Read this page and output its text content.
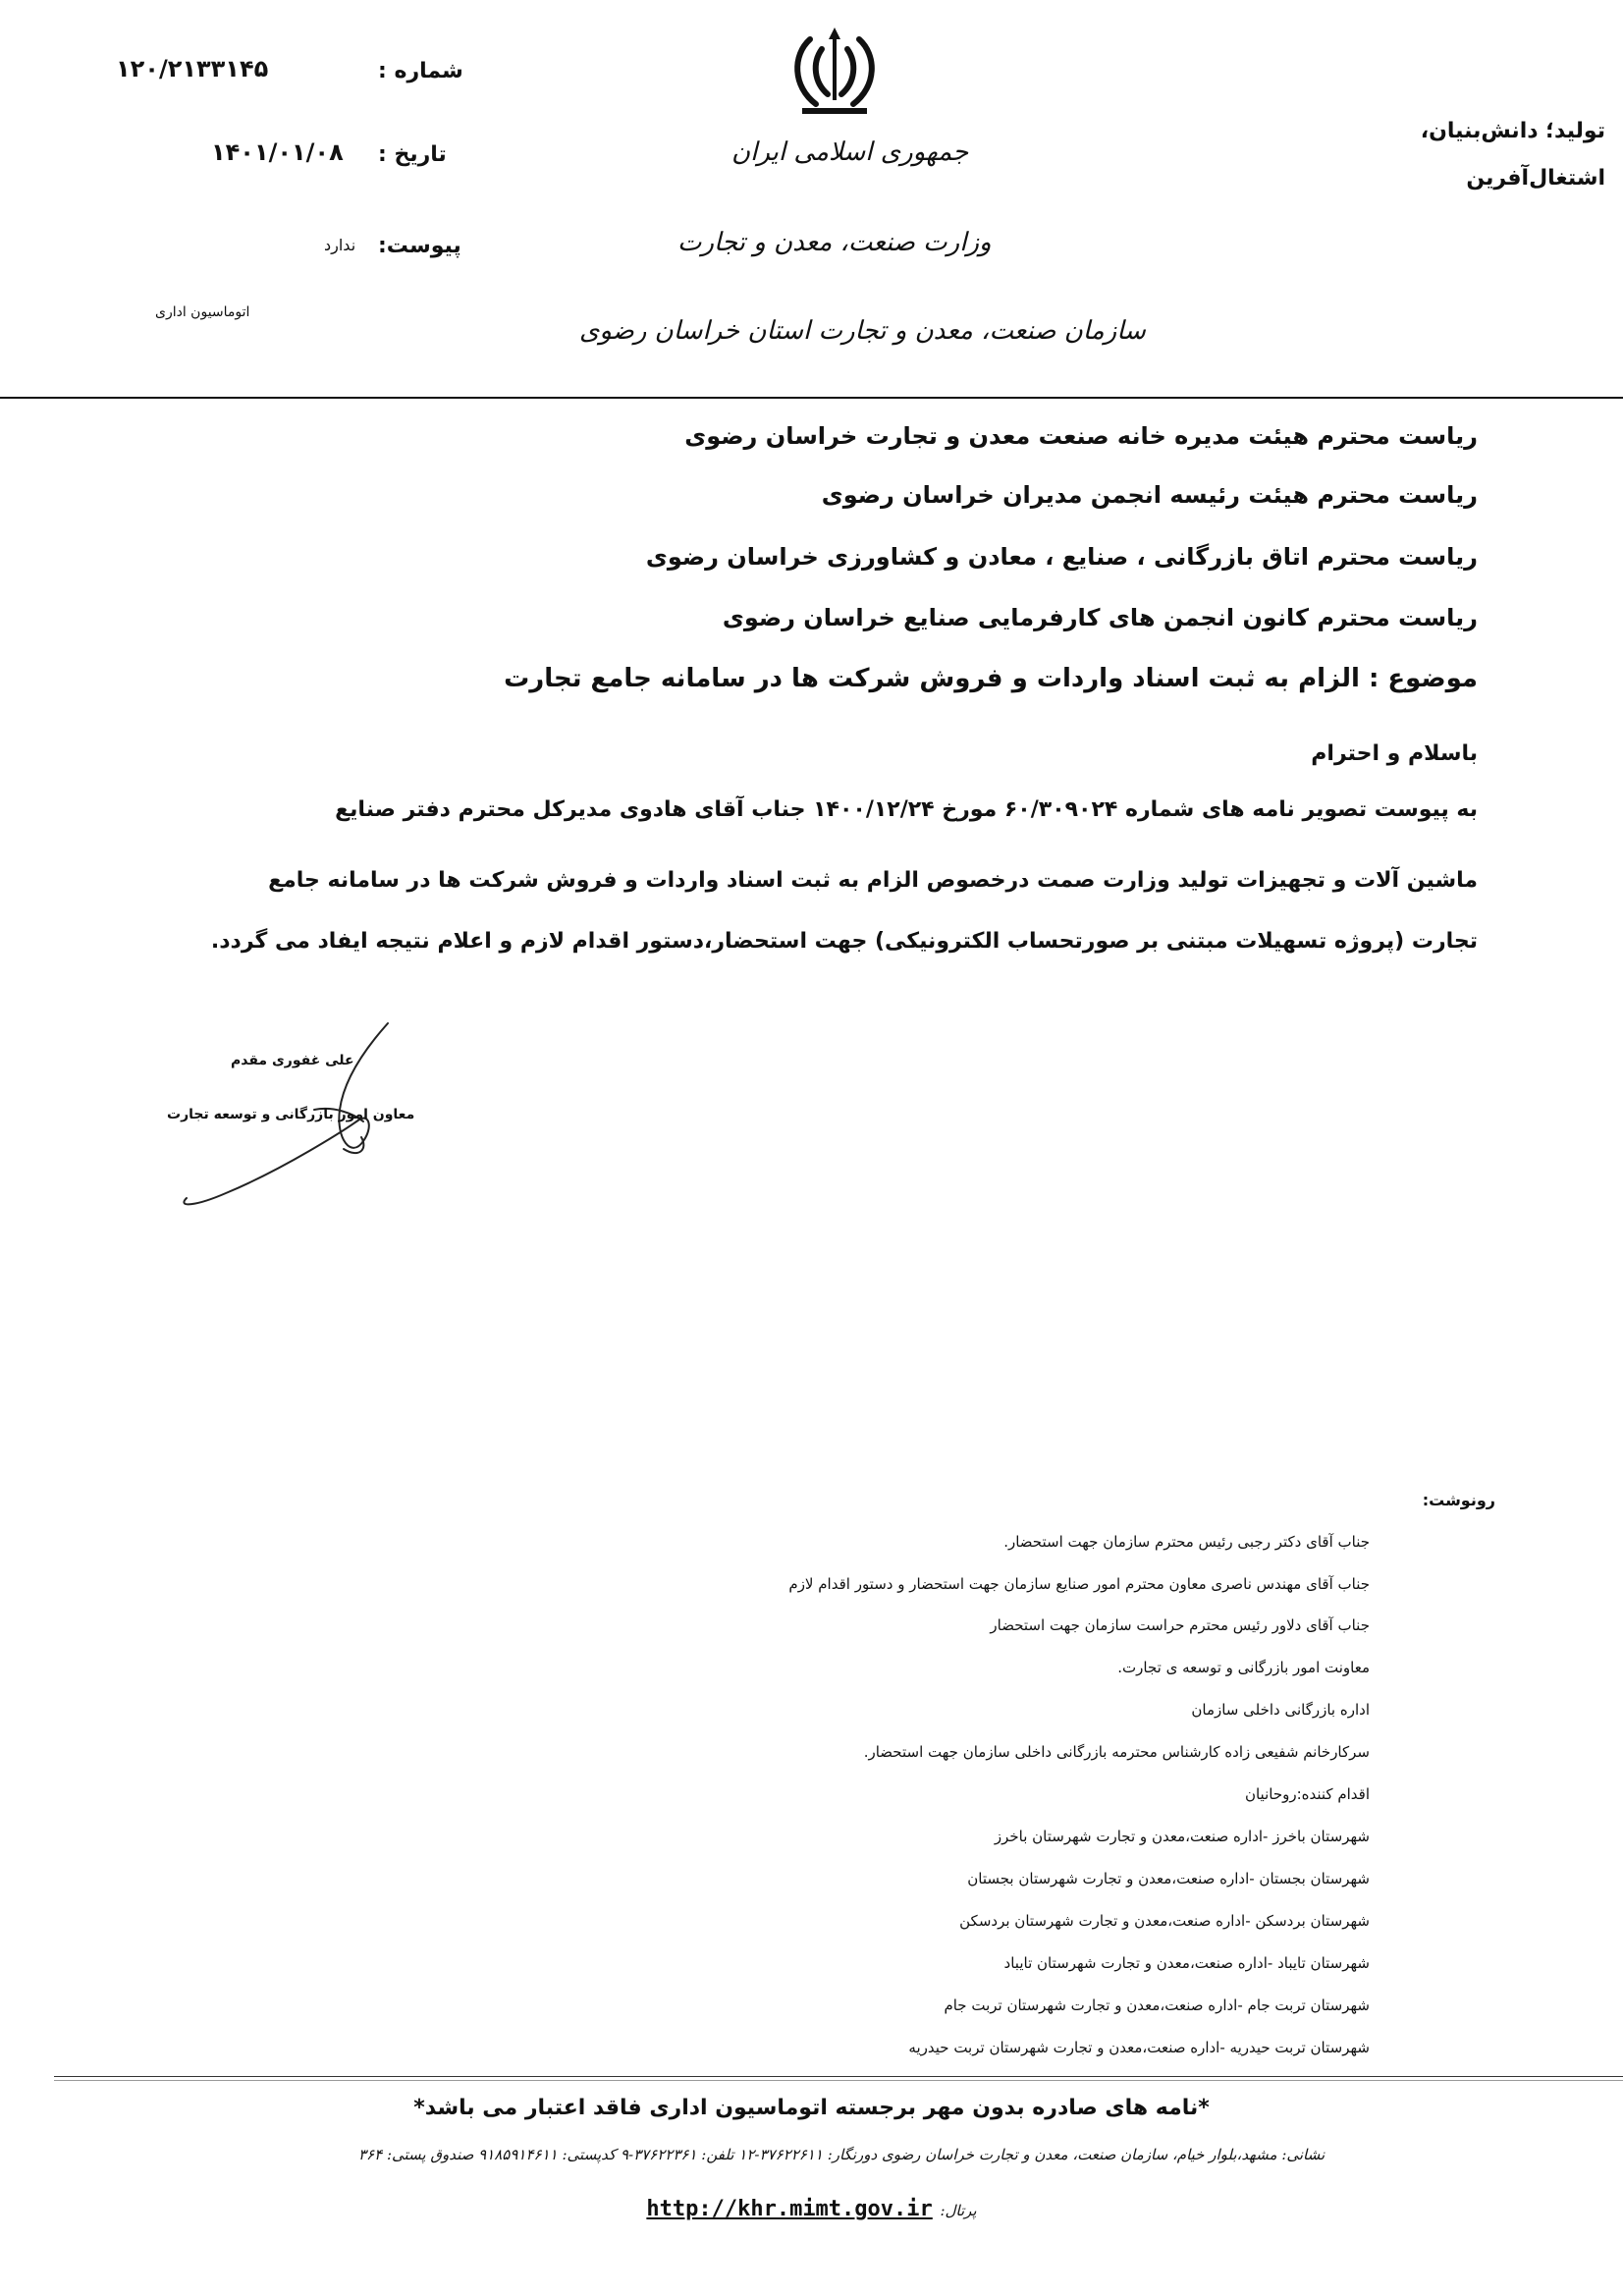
جمهوری اسلامی ایران
وزارت صنعت، معدن و تجارت
سازمان صنعت، معدن و تجارت استان خراسان رضوی
تولید؛ دانش‌بنیان،
اشتغال‌آفرین
شماره :
۱۲۰/۲۱۳۳۱۴۵
تاریخ :
۱۴۰۱/۰۱/۰۸
پیوست:
ندارد
اتوماسیون اداری
ریاست محترم هیئت مدیره خانه صنعت معدن و تجارت خراسان رضوی
ریاست محترم هیئت رئیسه انجمن مدیران خراسان رضوی
ریاست محترم اتاق بازرگانی ، صنایع ، معادن و کشاورزی خراسان رضوی
ریاست محترم کانون انجمن های کارفرمایی صنایع خراسان رضوی
موضوع : الزام به ثبت اسناد واردات و فروش شرکت ها در سامانه جامع تجارت
باسلام و احترام
به پیوست تصویر نامه های شماره ۶۰/۳۰۹۰۲۴ مورخ ۱۴۰۰/۱۲/۲۴ جناب آقای هادوی مدیرکل محترم دفتر صنایع
ماشین آلات و تجهیزات تولید وزارت صمت درخصوص الزام به ثبت اسناد واردات و فروش شرکت ها در سامانه جامع
تجارت (پروژه تسهیلات مبتنی بر صورتحساب الکترونیکی) جهت استحضار،دستور اقدام لازم و اعلام نتیجه ایفاد می گردد.
علی غفوری مقدم
معاون امور بازرگانی و توسعه تجارت
رونوشت:
جناب آقای دکتر رجبی رئیس محترم سازمان جهت استحضار.
جناب آقای مهندس ناصری معاون محترم امور صنایع سازمان جهت استحضار و دستور اقدام لازم
جناب آقای دلاور رئیس محترم حراست سازمان جهت استحضار
معاونت امور بازرگانی و توسعه ی تجارت.
اداره بازرگانی داخلی سازمان
سرکارخانم شفیعی زاده کارشناس محترمه بازرگانی داخلی سازمان جهت استحضار.
اقدام کننده:روحانیان
شهرستان باخرز -اداره صنعت،معدن و تجارت شهرستان باخرز
شهرستان بجستان -اداره صنعت،معدن و تجارت شهرستان بجستان
شهرستان بردسکن -اداره صنعت،معدن و تجارت شهرستان بردسکن
شهرستان تایباد -اداره صنعت،معدن و تجارت شهرستان تایباد
شهرستان تربت جام -اداره صنعت،معدن و تجارت شهرستان تربت جام
شهرستان تربت حیدریه -اداره صنعت،معدن و تجارت شهرستان تربت حیدریه
*نامه های صادره بدون مهر برجسته اتوماسیون اداری فاقد اعتبار می باشد*
نشانی: مشهد،بلوار خیام، سازمان صنعت، معدن و تجارت خراسان رضوی دورنگار: ۳۷۶۲۲۶۱۱-۱۲ تلفن: ۳۷۶۲۲۳۶۱-۹ کدپستی: ۹۱۸۵۹۱۴۶۱۱ صندوق پستی: ۳۶۴
پرتال: http://khr.mimt.gov.ir
